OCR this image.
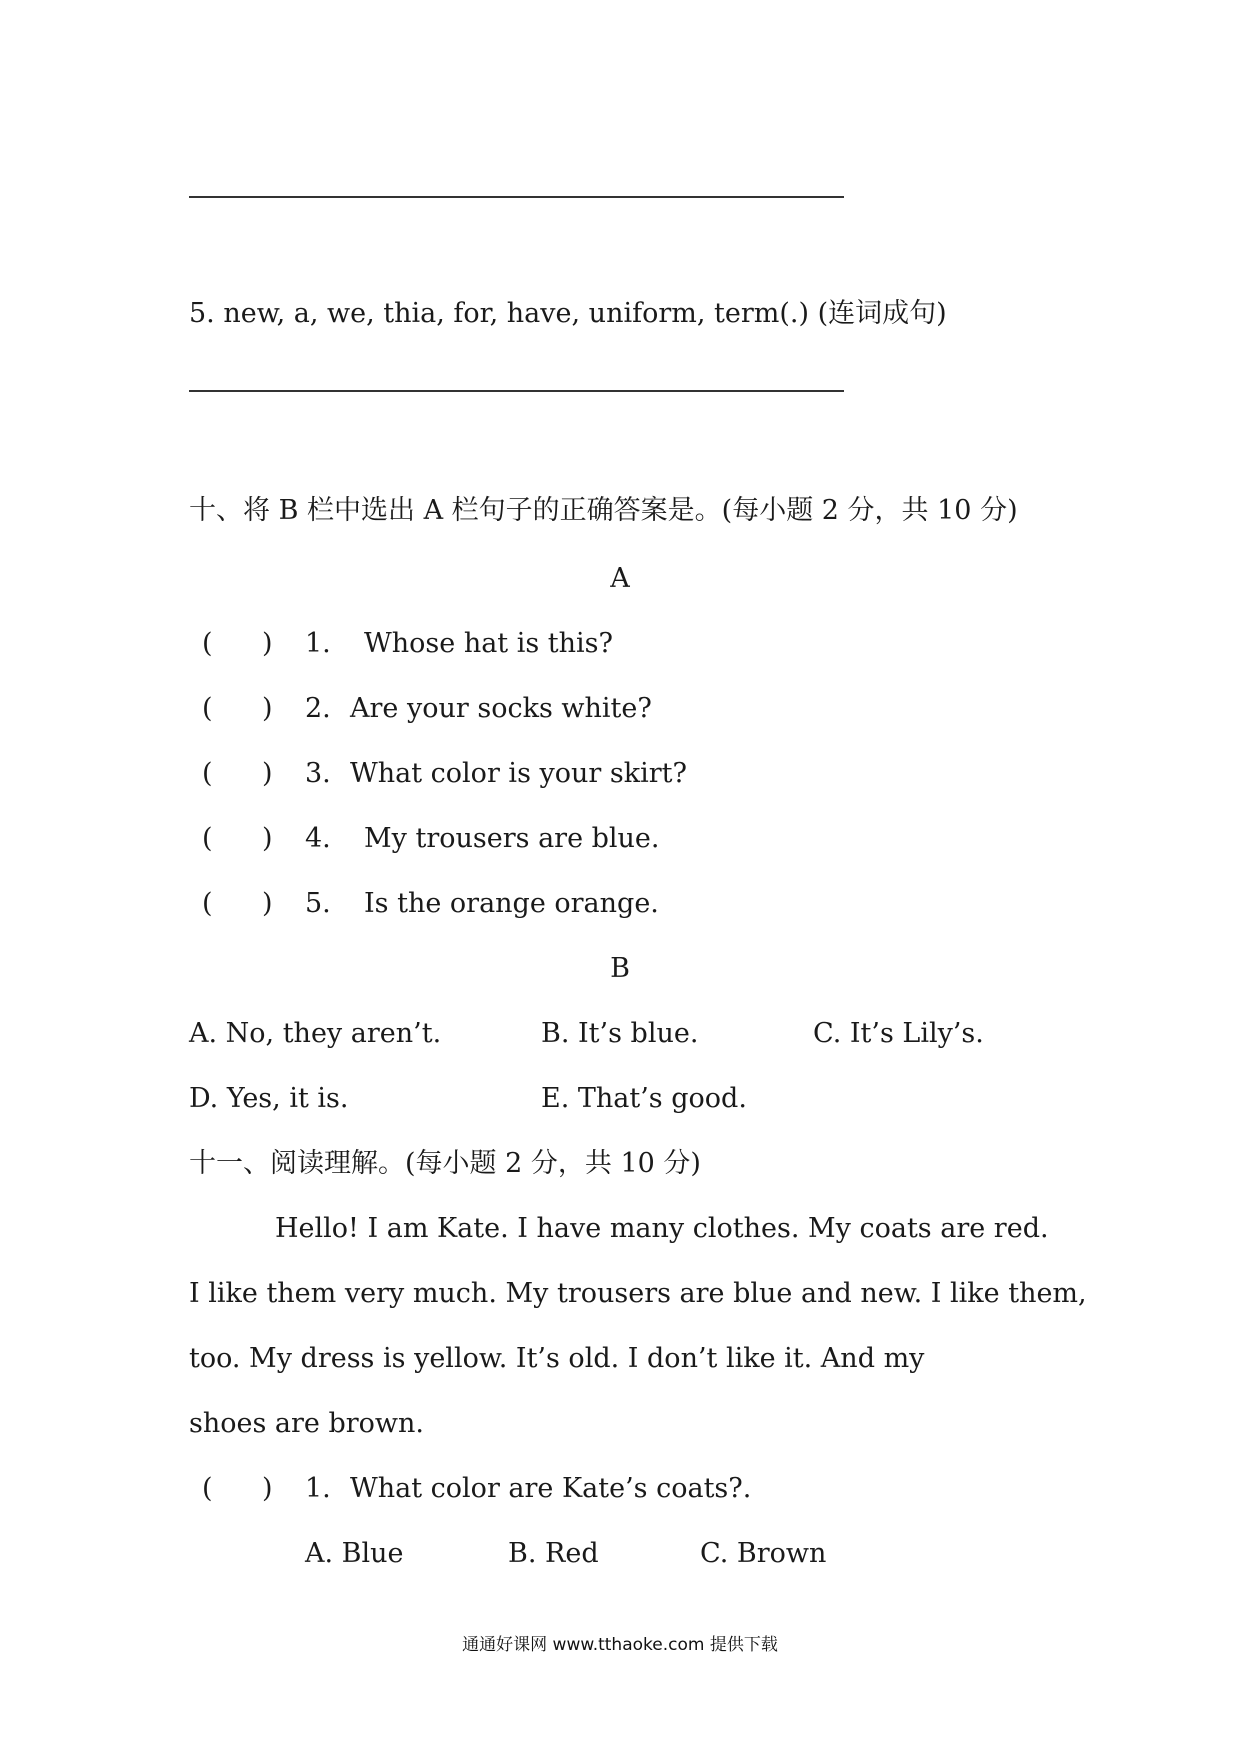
5. new, a, we, thia, for, have, uniform, term(.) (连词成句)
十、将 B 栏中选出 A 栏句子的正确答案是。(每小题 2 分，共 10 分)
A
( ) 1. Whose hat is this?
( ) 2. Are your socks white?
( ) 3. What color is your skirt?
( ) 4. My trousers are blue.
( ) 5. Is the orange orange.
B
A. No, they aren’t.	B. It’s blue.	C. It’s Lily’s.
D. Yes, it is.	E. That’s good.
十一、阅读理解。(每小题 2 分，共 10 分)
Hello! I am Kate. I have many clothes. My coats are red.
I like them very much. My trousers are blue and new. I like them,
too. My dress is yellow. It’s old. I don’t like it. And my
shoes are brown.
( ) 1. What color are Kate’s coats?.
A. Blue	B. Red	C. Brown
通通好课网 www.tthaoke.com 提供下载
